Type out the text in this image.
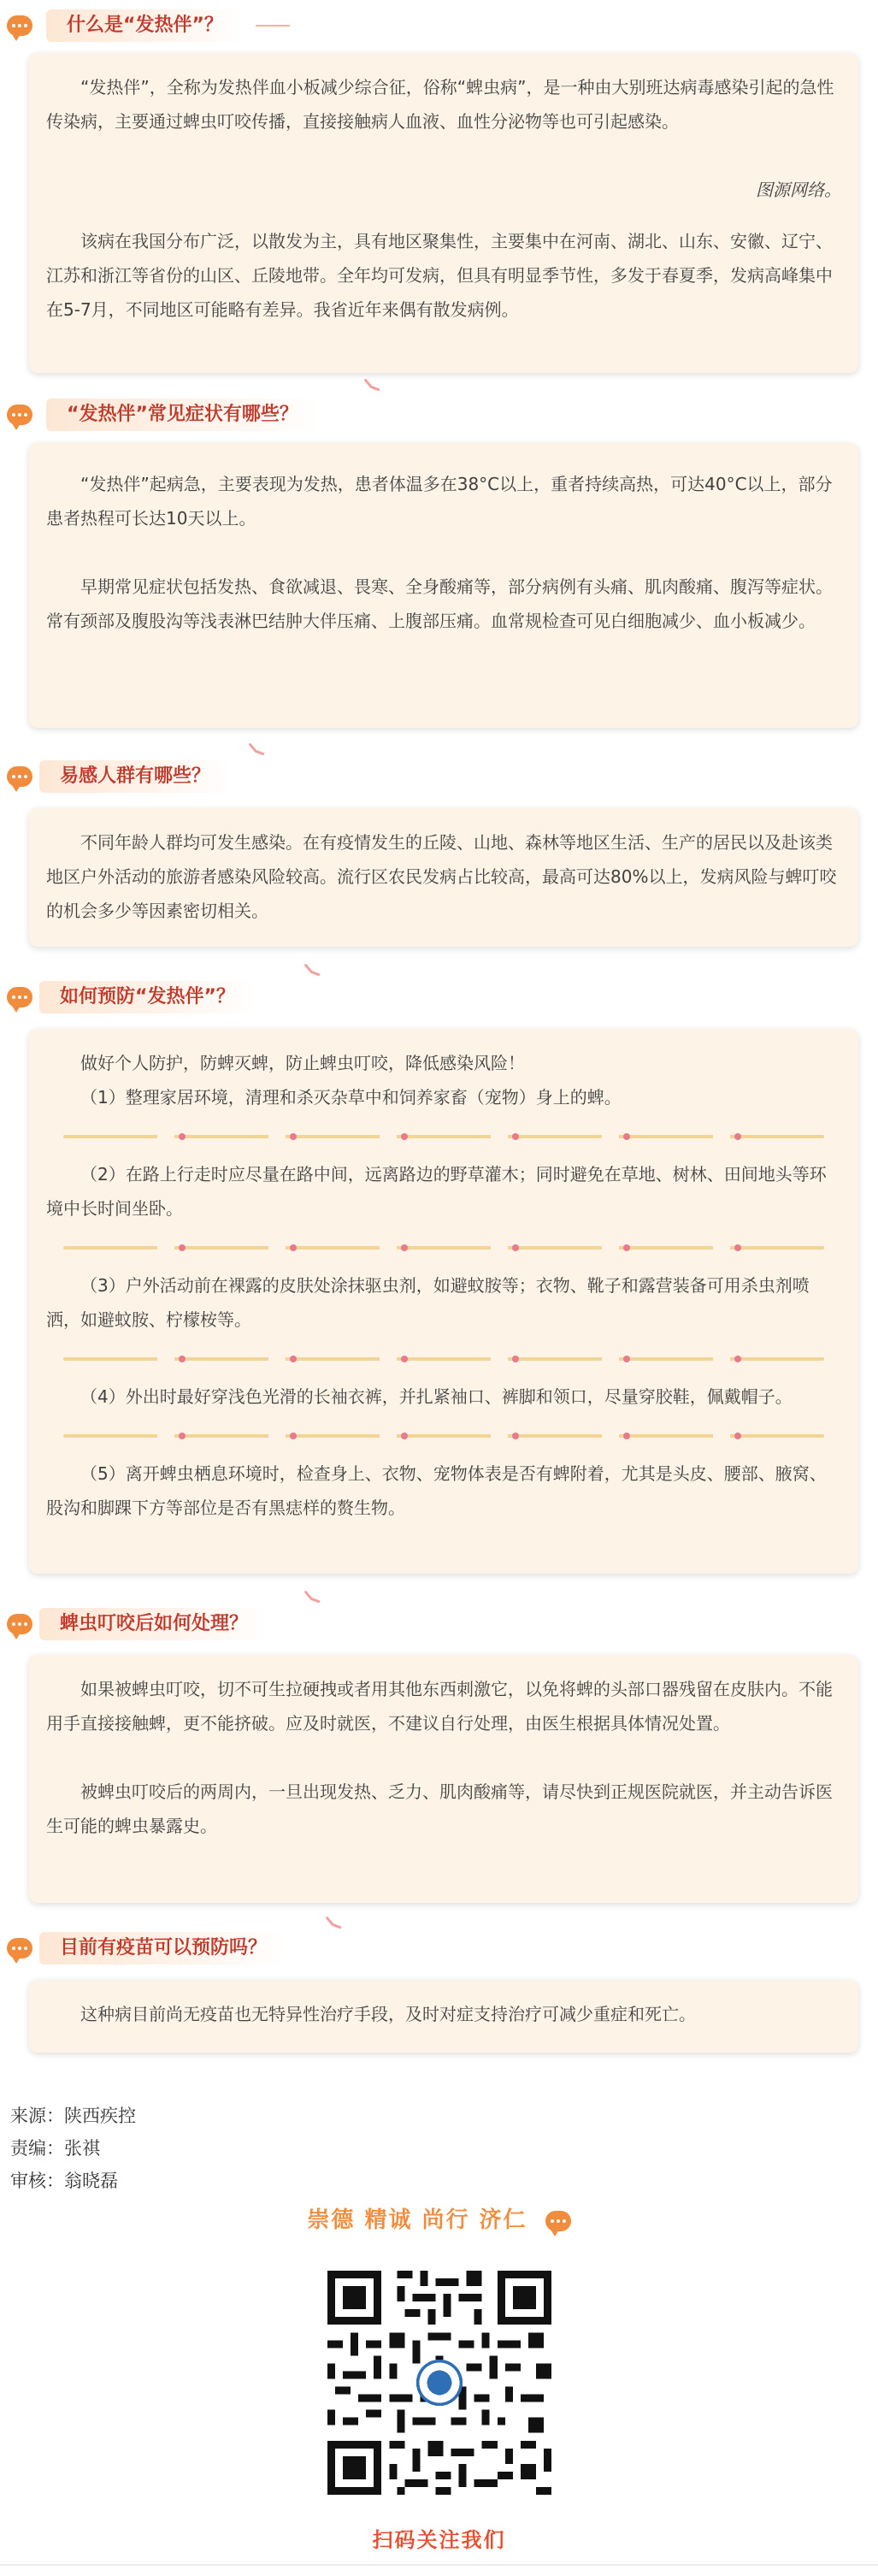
什么是“发热伴”？

“发热伴”，全称为发热伴血小板减少综合征，俗称“蜱虫病”，是一种由大别班达病毒感染引起的急性传染病，主要通过蜱虫叮咬传播，直接接触病人血液、血性分泌物等也可引起感染。

图源网络。

该病在我国分布广泛，以散发为主，具有地区聚集性，主要集中在河南、湖北、山东、安徽、辽宁、江苏和浙江等省份的山区、丘陵地带。全年均可发病，但具有明显季节性，多发于春夏季，发病高峰集中在5-7月，不同地区可能略有差异。我省近年来偶有散发病例。

“发热伴”常见症状有哪些？

“发热伴”起病急，主要表现为发热，患者体温多在38°C以上，重者持续高热，可达40°C以上，部分患者热程可长达10天以上。

早期常见症状包括发热、食欲减退、畏寒、全身酸痛等，部分病例有头痛、肌肉酸痛、腹泻等症状。常有颈部及腹股沟等浅表淋巴结肿大伴压痛、上腹部压痛。血常规检查可见白细胞减少、血小板减少。

易感人群有哪些？

不同年龄人群均可发生感染。在有疫情发生的丘陵、山地、森林等地区生活、生产的居民以及赴该类地区户外活动的旅游者感染风险较高。流行区农民发病占比较高，最高可达80%以上，发病风险与蜱叮咬的机会多少等因素密切相关。

如何预防“发热伴”？

做好个人防护，防蜱灭蜱，防止蜱虫叮咬，降低感染风险！

（1）整理家居环境，清理和杀灭杂草中和饲养家畜（宠物）身上的蜱。

（2）在路上行走时应尽量在路中间，远离路边的野草灌木；同时避免在草地、树林、田间地头等环境中长时间坐卧。

（3）户外活动前在裸露的皮肤处涂抹驱虫剂，如避蚊胺等；衣物、靴子和露营装备可用杀虫剂喷洒，如避蚊胺、柠檬桉等。

（4）外出时最好穿浅色光滑的长袖衣裤，并扎紧袖口、裤脚和领口，尽量穿胶鞋，佩戴帽子。

（5）离开蜱虫栖息环境时，检查身上、衣物、宠物体表是否有蜱附着，尤其是头皮、腰部、腋窝、股沟和脚踝下方等部位是否有黑痣样的赘生物。

蜱虫叮咬后如何处理？

如果被蜱虫叮咬，切不可生拉硬拽或者用其他东西刺激它，以免将蜱的头部口器残留在皮肤内。不能用手直接接触蜱，更不能挤破。应及时就医，不建议自行处理，由医生根据具体情况处置。

被蜱虫叮咬后的两周内，一旦出现发热、乏力、肌肉酸痛等，请尽快到正规医院就医，并主动告诉医生可能的蜱虫暴露史。

目前有疫苗可以预防吗？

这种病目前尚无疫苗也无特异性治疗手段，及时对症支持治疗可减少重症和死亡。

来源：陕西疾控
责编：张祺
审核：翁晓磊
崇德 精诚 尚行 济仁
扫码关注我们
